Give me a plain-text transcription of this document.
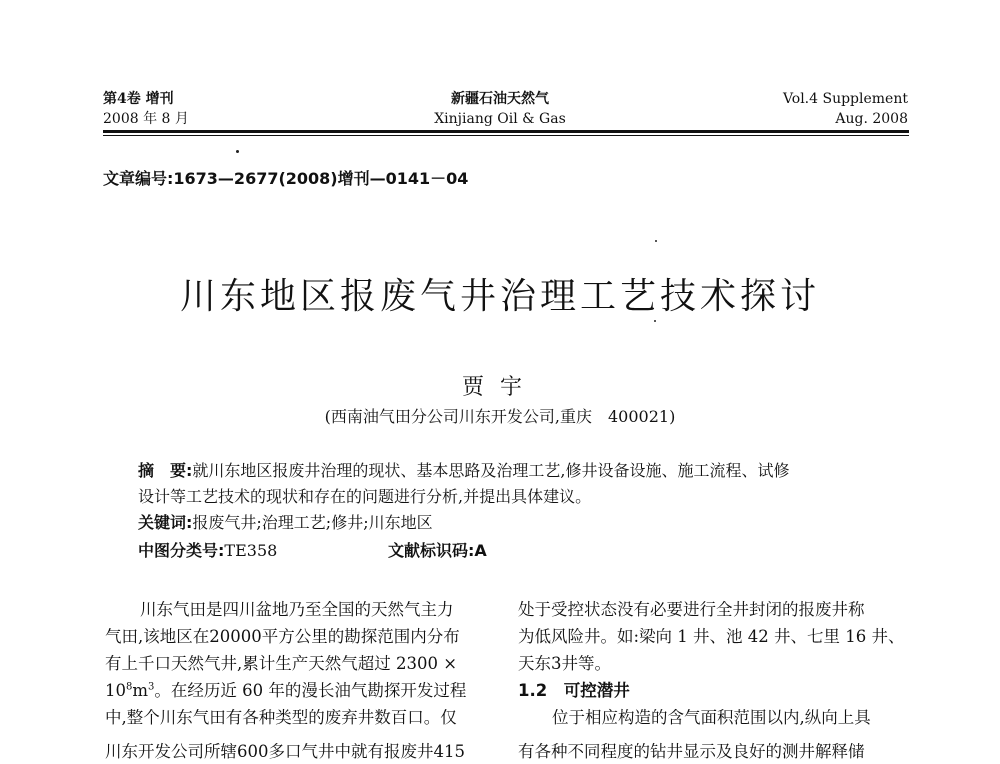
第4卷 增刊
2008 年 8 月
新疆石油天然气
Xinjiang Oil & Gas
Vol.4 Supplement
Aug. 2008
文章编号:1673—2677(2008)增刊—0141－04
川东地区报废气井治理工艺技术探讨
贾宇
(西南油气田分公司川东开发公司,重庆　400021)
摘　要:就川东地区报废井治理的现状、基本思路及治理工艺,修井设备设施、施工流程、试修
设计等工艺技术的现状和存在的问题进行分析,并提出具体建议。
关键词:报废气井;治理工艺;修井;川东地区
中图分类号:TE358	文献标识码:A
川东气田是四川盆地乃至全国的天然气主力
气田,该地区在20000平方公里的勘探范围内分布
有上千口天然气井,累计生产天然气超过 2300 ×
$10^8m^3$。在经历近 60 年的漫长油气勘探开发过程
中,整个川东气田有各种类型的废弃井数百口。仅
川东开发公司所辖600多口气井中就有报废井415
处于受控状态没有必要进行全井封闭的报废井称
为低风险井。如:梁向 1 井、池 42 井、七里 16 井、
天东3井等。
1.2　可控潜井
位于相应构造的含气面积范围以内,纵向上具
有各种不同程度的钻井显示及良好的测井解释储
